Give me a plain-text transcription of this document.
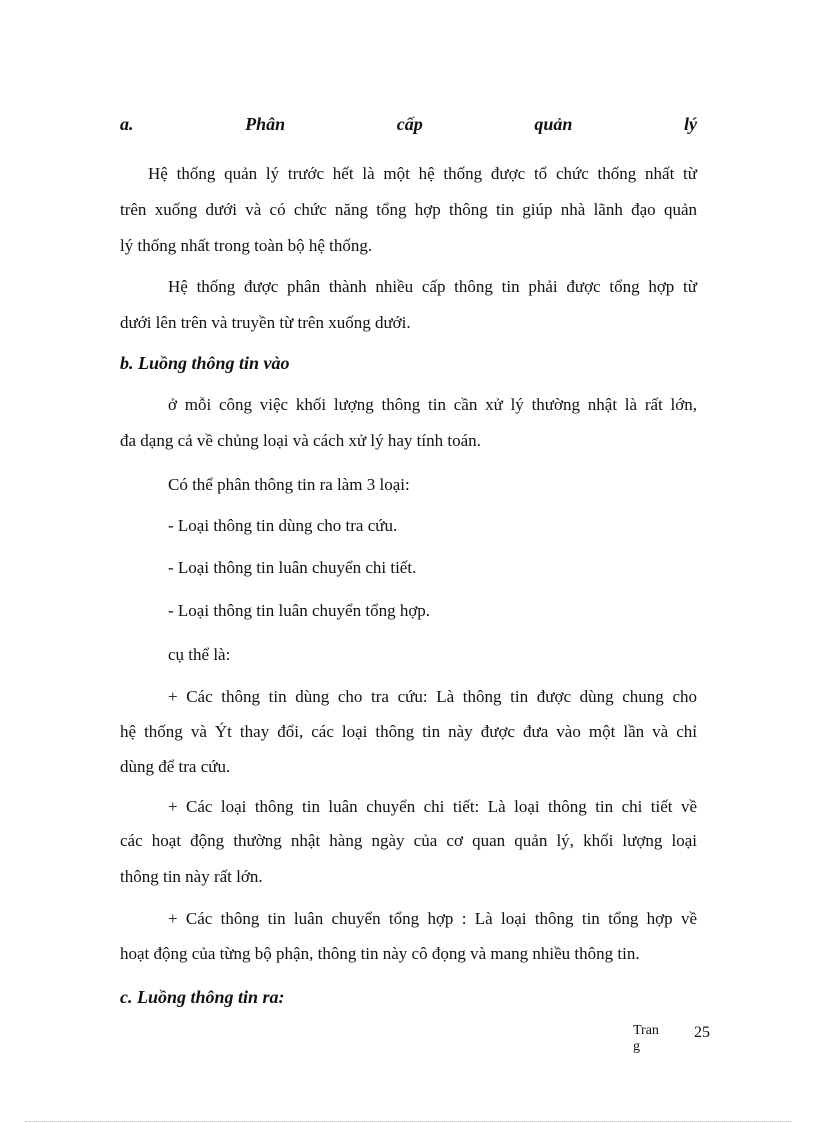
a.	Phân	cấp	quản	lý
Hệ thống quản lý trước hết là một hệ thống được tổ chức thống nhất từ
trên xuống dưới và có chức năng tổng hợp thông tin giúp nhà lãnh đạo quản
lý thống nhất trong toàn bộ hệ thống.
Hệ thống được phân thành nhiều cấp thông tin phải được tổng hợp từ
dưới lên trên và truyền từ trên xuống dưới.
b. Luồng thông tin vào
ở mỗi công việc khối lượng thông tin cần xử lý thường nhật là rất lớn,
đa dạng cả về chủng loại và cách xử lý hay tính toán.
Có thể phân thông tin ra làm 3 loại:
- Loại thông tin dùng cho tra cứu.
- Loại thông tin luân chuyển chi tiết.
- Loại thông tin luân chuyển tổng hợp.
cụ thể là:
+ Các thông tin dùng cho tra cứu: Là thông tin được dùng chung cho
hệ thống và Ýt thay đổi, các loại thông tin này được đưa vào một lần và chỉ
dùng để tra cứu.
+ Các loại thông tin luân chuyển chi tiết: Là loại thông tin chi tiết về
các hoạt động thường nhật hàng ngày của cơ quan quản lý, khối lượng loại
thông tin này rất lớn.
+ Các thông tin luân chuyển tổng hợp : Là loại thông tin tổng hợp về
hoạt động của từng bộ phận, thông tin này cô đọng và mang nhiều thông tin.
c. Luồng thông tin ra:
Trang
25
